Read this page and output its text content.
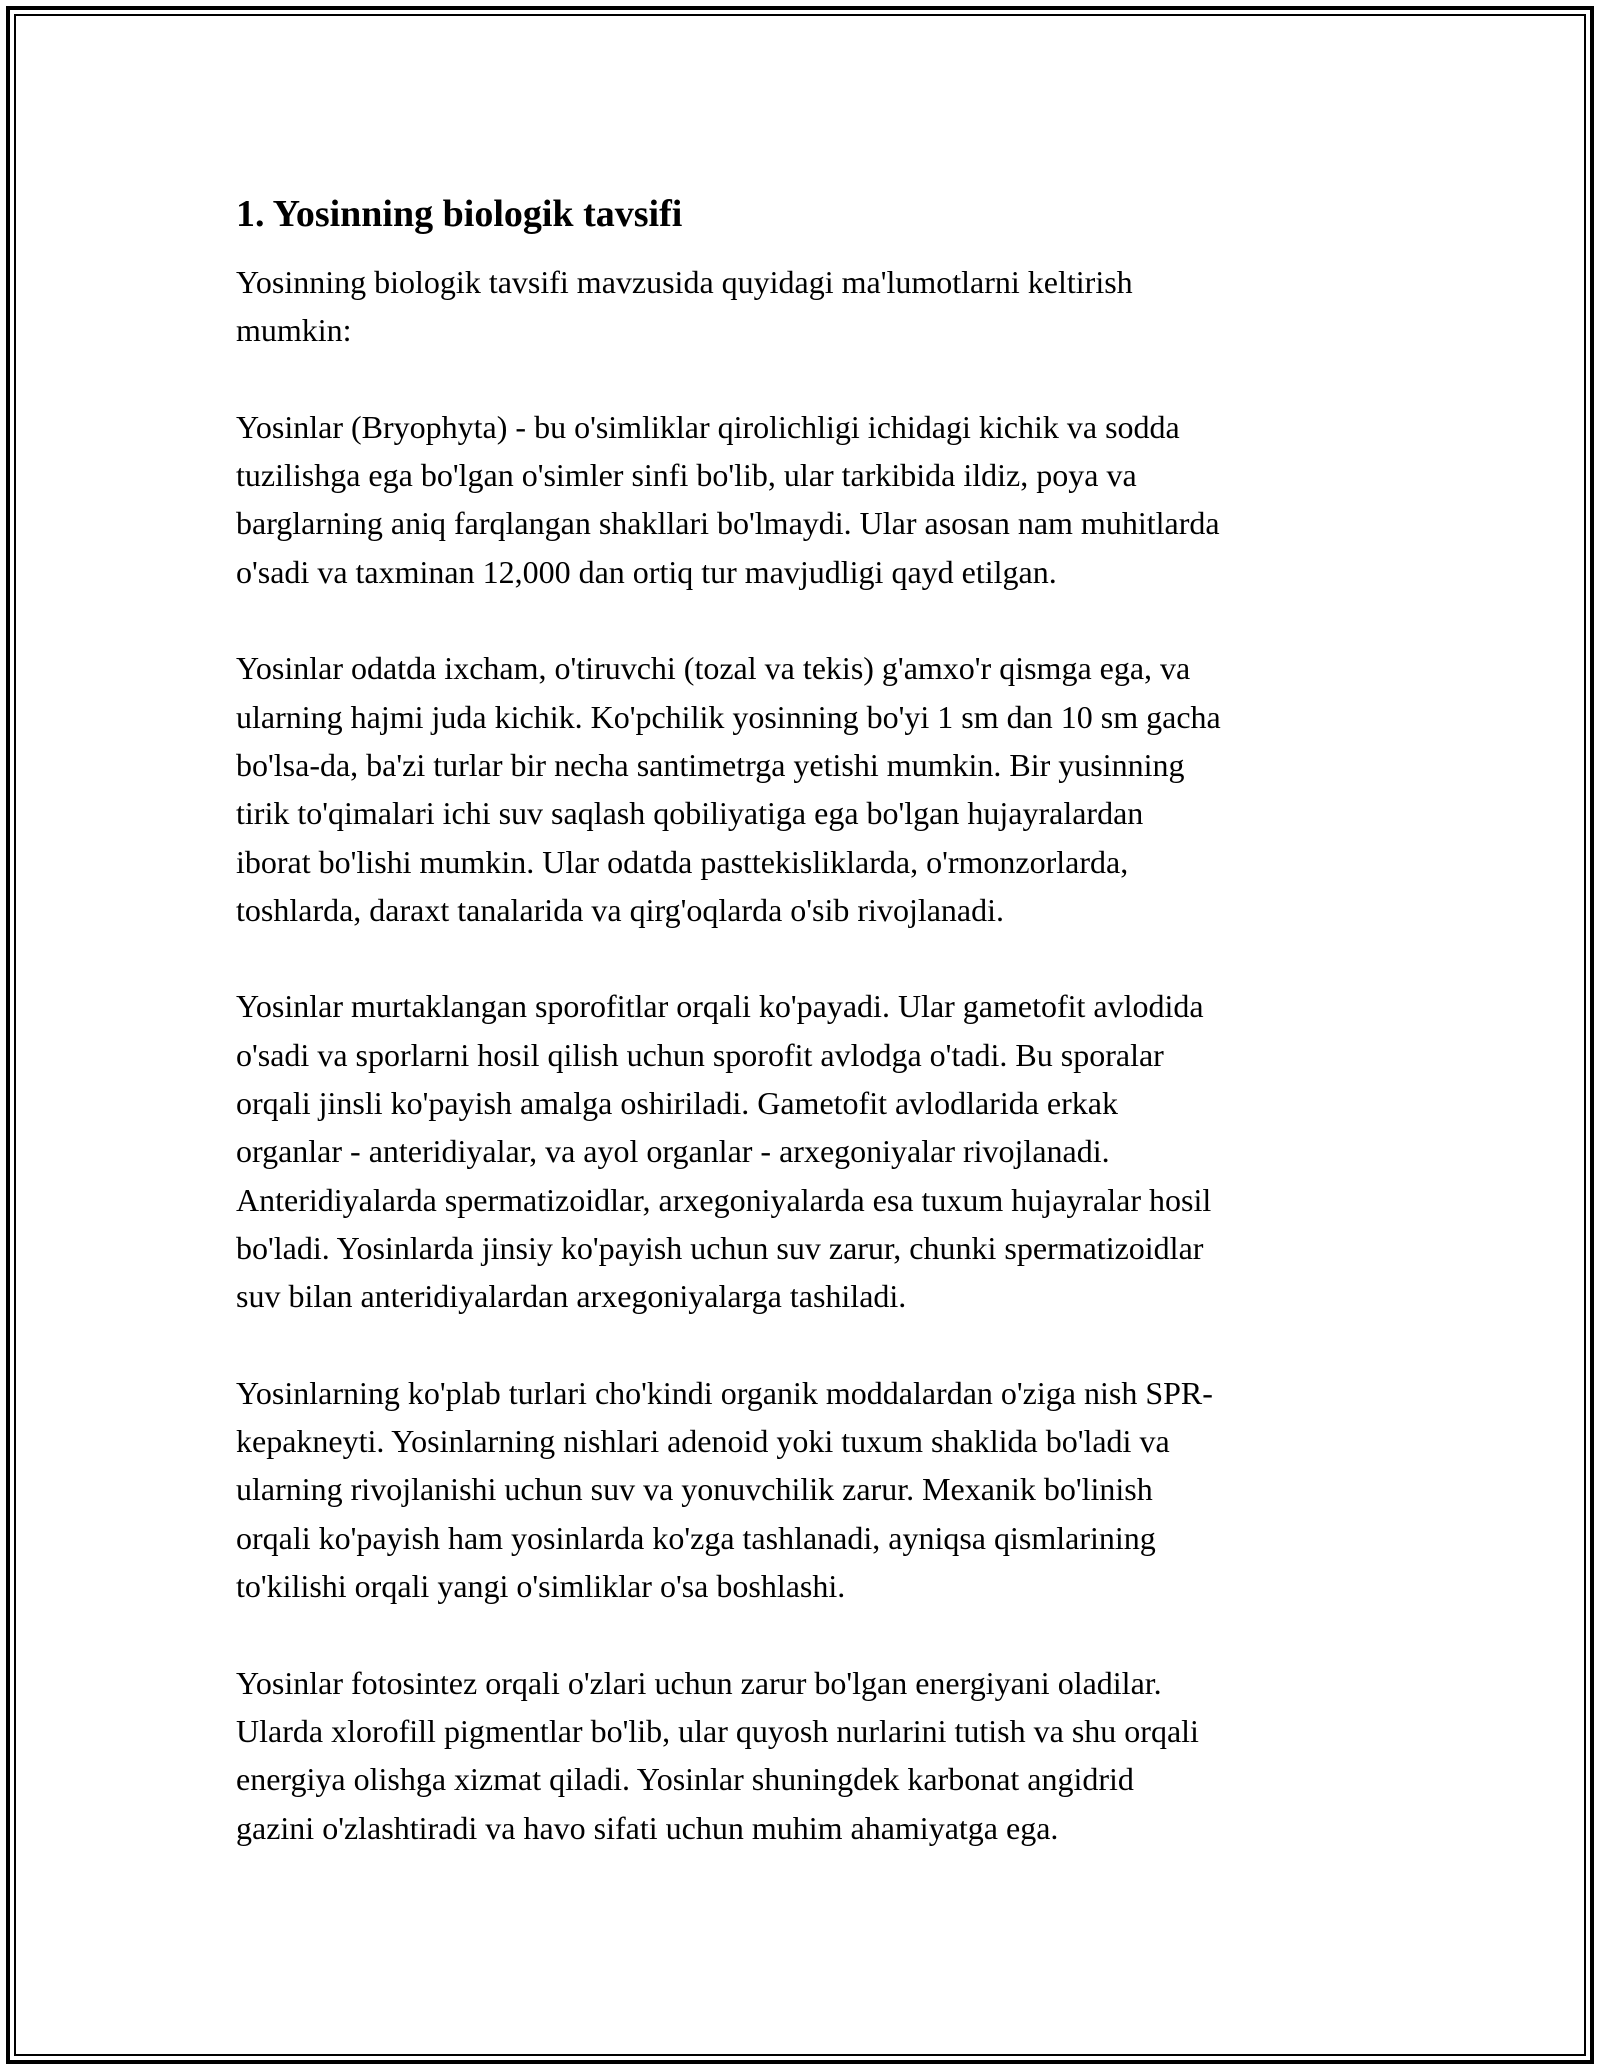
1. Yosinning biologik tavsifi

Yosinning biologik tavsifi mavzusida quyidagi ma'lumotlarni keltirish
mumkin:

Yosinlar (Bryophyta) - bu o'simliklar qirolichligi ichidagi kichik va sodda
tuzilishga ega bo'lgan o'simler sinfi bo'lib, ular tarkibida ildiz, poya va
barglarning aniq farqlangan shakllari bo'lmaydi. Ular asosan nam muhitlarda
o'sadi va taxminan 12,000 dan ortiq tur mavjudligi qayd etilgan.

Yosinlar odatda ixcham, o'tiruvchi (tozal va tekis) g'amxo'r qismga ega, va
ularning hajmi juda kichik. Ko'pchilik yosinning bo'yi 1 sm dan 10 sm gacha
bo'lsa-da, ba'zi turlar bir necha santimetrga yetishi mumkin. Bir yusinning
tirik to'qimalari ichi suv saqlash qobiliyatiga ega bo'lgan hujayralardan
iborat bo'lishi mumkin. Ular odatda pasttekisliklarda, o'rmonzorlarda,
toshlarda, daraxt tanalarida va qirg'oqlarda o'sib rivojlanadi.

Yosinlar murtaklangan sporofitlar orqali ko'payadi. Ular gametofit avlodida
o'sadi va sporlarni hosil qilish uchun sporofit avlodga o'tadi. Bu sporalar
orqali jinsli ko'payish amalga oshiriladi. Gametofit avlodlarida erkak
organlar - anteridiyalar, va ayol organlar - arxegoniyalar rivojlanadi.
Anteridiyalarda spermatizoidlar, arxegoniyalarda esa tuxum hujayralar hosil
bo'ladi. Yosinlarda jinsiy ko'payish uchun suv zarur, chunki spermatizoidlar
suv bilan anteridiyalardan arxegoniyalarga tashiladi.

Yosinlarning ko'plab turlari cho'kindi organik moddalardan o'ziga nish SPR-
kepakneyti. Yosinlarning nishlari adenoid yoki tuxum shaklida bo'ladi va
ularning rivojlanishi uchun suv va yonuvchilik zarur. Mexanik bo'linish
orqali ko'payish ham yosinlarda ko'zga tashlanadi, ayniqsa qismlarining
to'kilishi orqali yangi o'simliklar o'sa boshlashi.

Yosinlar fotosintez orqali o'zlari uchun zarur bo'lgan energiyani oladilar.
Ularda xlorofill pigmentlar bo'lib, ular quyosh nurlarini tutish va shu orqali
energiya olishga xizmat qiladi. Yosinlar shuningdek karbonat angidrid
gazini o'zlashtiradi va havo sifati uchun muhim ahamiyatga ega.
